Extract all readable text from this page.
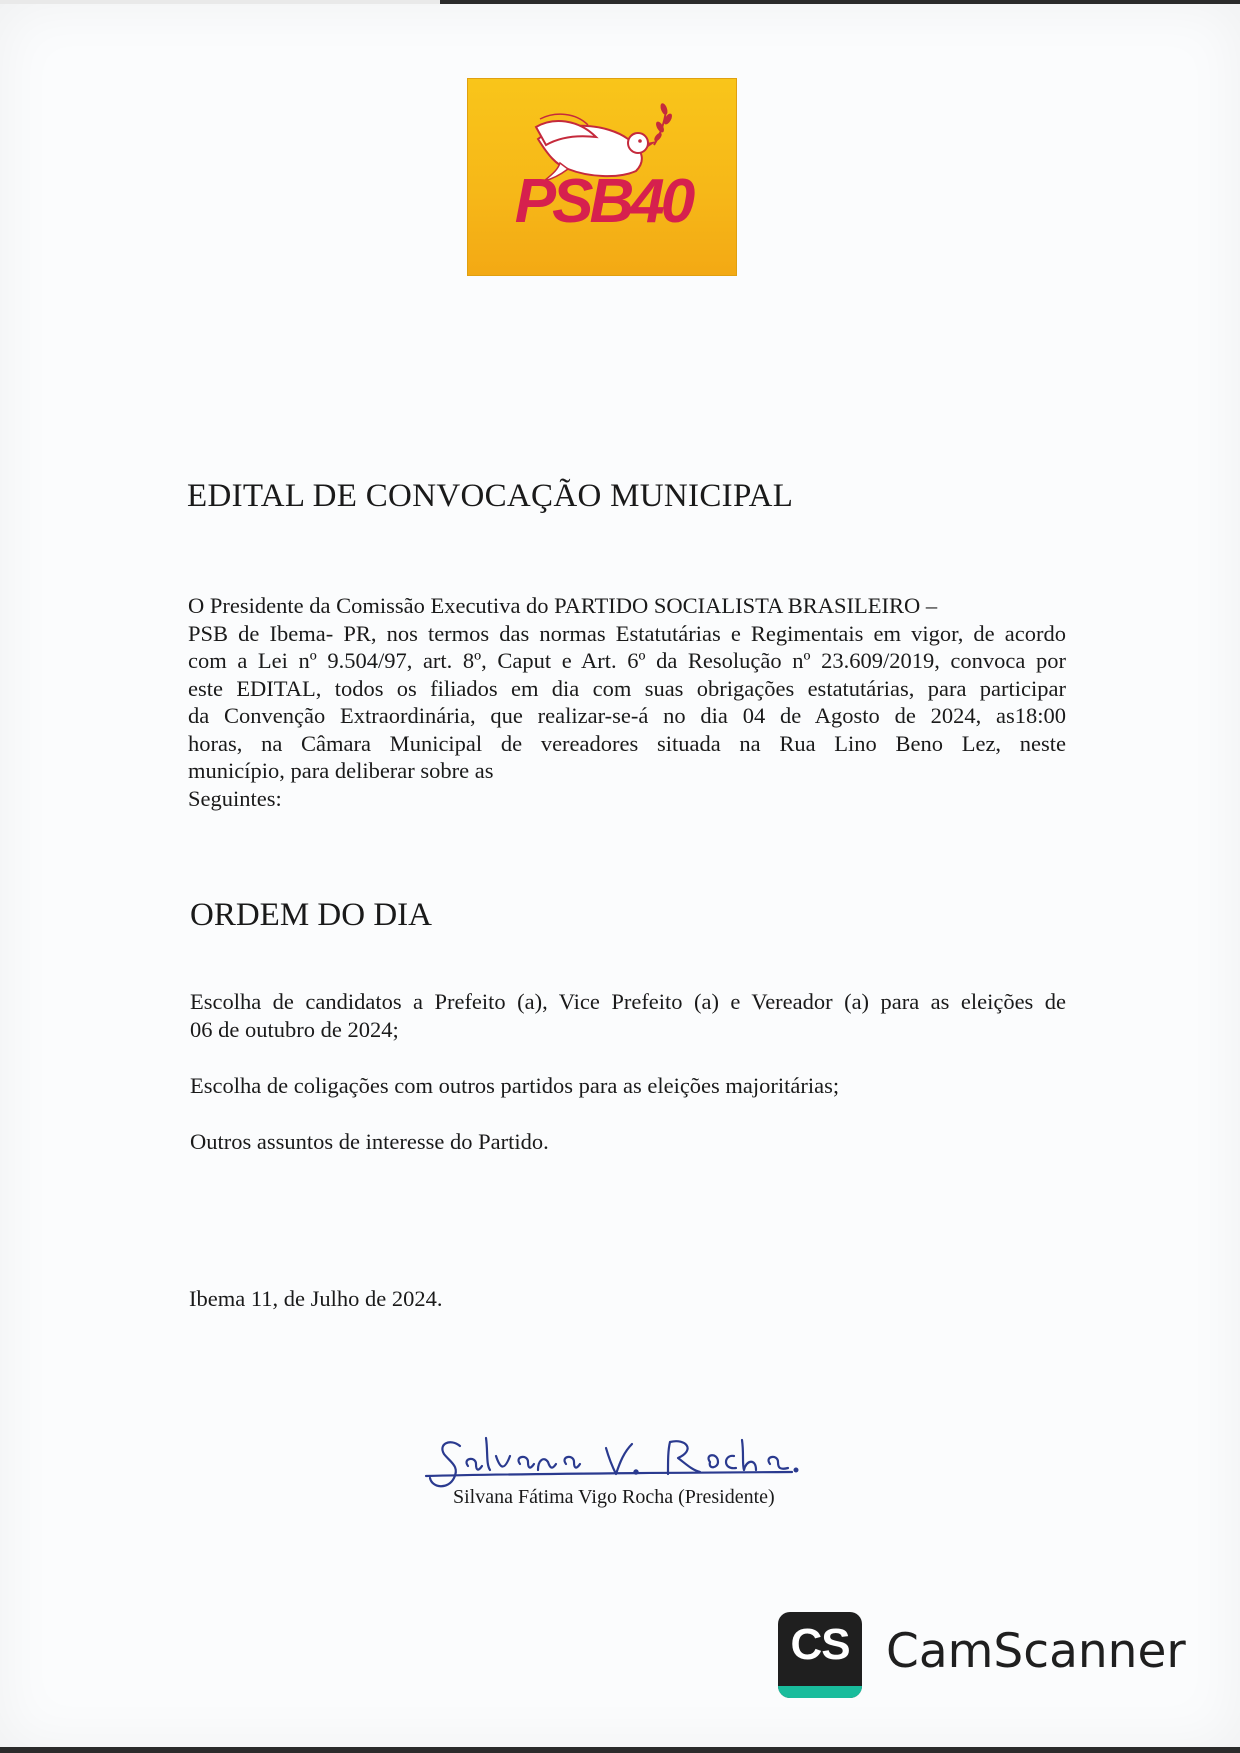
PSB40
EDITAL DE CONVOCAÇÃO MUNICIPAL
O Presidente da Comissão Executiva do PARTIDO SOCIALISTA BRASILEIRO –
PSB de Ibema- PR, nos termos das normas Estatutárias e Regimentais em vigor, de acordo
com a Lei nº 9.504/97, art. 8º, Caput e Art. 6º da Resolução nº 23.609/2019, convoca por
este EDITAL, todos os filiados em dia com suas obrigações estatutárias, para participar
da Convenção Extraordinária, que realizar-se-á no dia 04 de Agosto de 2024, as18:00
horas, na Câmara Municipal de vereadores situada na Rua Lino Beno Lez, neste
município, para deliberar sobre as
Seguintes:
ORDEM DO DIA
Escolha de candidatos a Prefeito (a), Vice Prefeito (a) e Vereador (a) para as eleições de
06 de outubro de 2024;
Escolha de coligações com outros partidos para as eleições majoritárias;
Outros assuntos de interesse do Partido.
Ibema 11, de Julho de 2024.
Silvana Fátima Vigo Rocha (Presidente)
CS CamScanner
